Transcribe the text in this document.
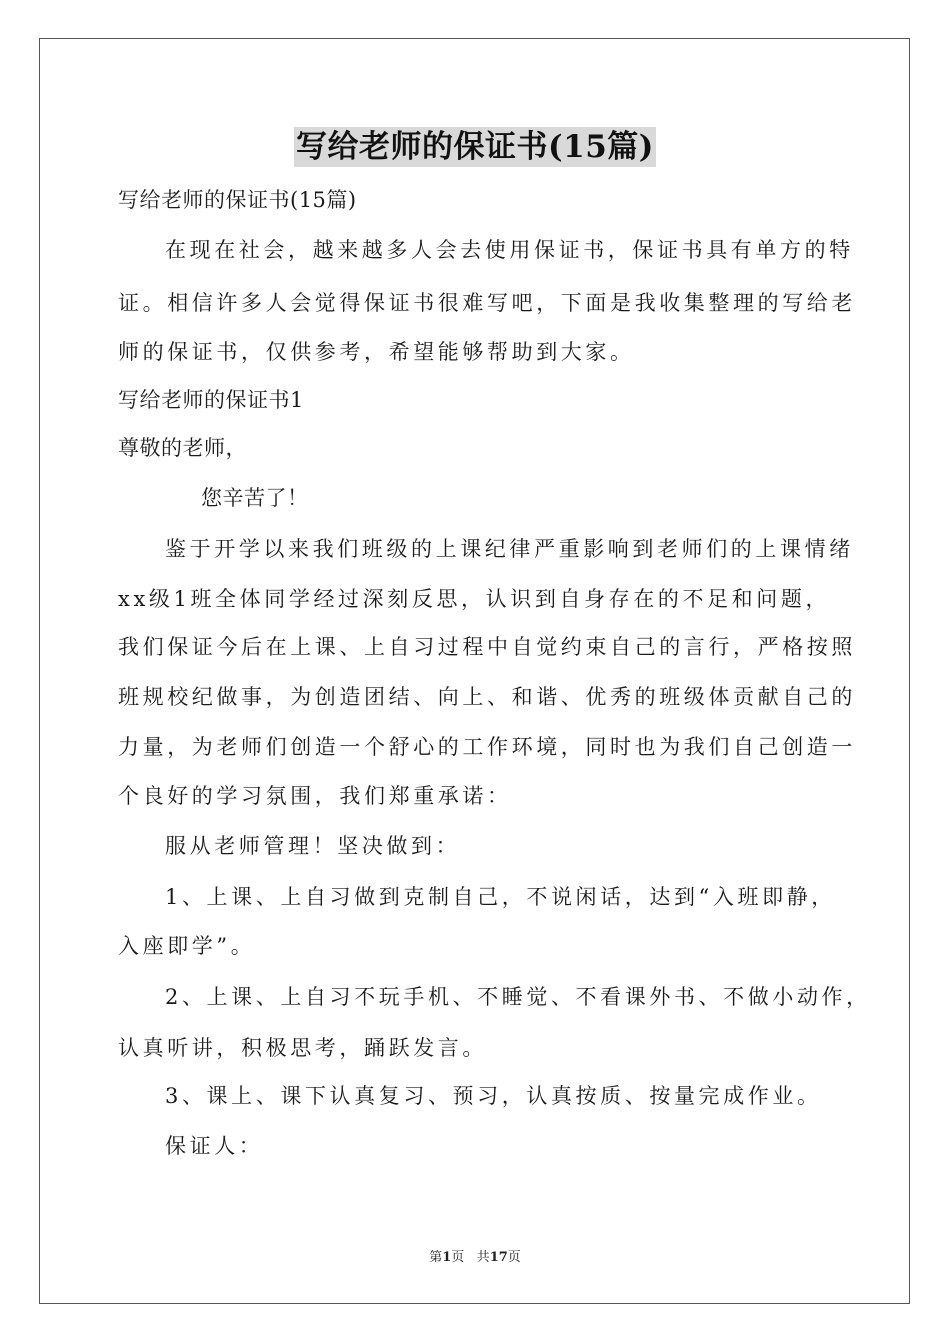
写给老师的保证书(15篇)
写给老师的保证书(15篇)
在现在社会，越来越多人会去使用保证书，保证书具有单方的特
证。相信许多人会觉得保证书很难写吧，下面是我收集整理的写给老
师的保证书，仅供参考，希望能够帮助到大家。
写给老师的保证书1
尊敬的老师，
您辛苦了！
鉴于开学以来我们班级的上课纪律严重影响到老师们的上课情绪
xx级1班全体同学经过深刻反思，认识到自身存在的不足和问题，
我们保证今后在上课、上自习过程中自觉约束自己的言行，严格按照
班规校纪做事，为创造团结、向上、和谐、优秀的班级体贡献自己的
力量，为老师们创造一个舒心的工作环境，同时也为我们自己创造一
个良好的学习氛围，我们郑重承诺：
服从老师管理！坚决做到：
1、上课、上自习做到克制自己，不说闲话，达到“入班即静，
入座即学”。
2、上课、上自习不玩手机、不睡觉、不看课外书、不做小动作，
认真听讲，积极思考，踊跃发言。
3、课上、课下认真复习、预习，认真按质、按量完成作业。
保证人：
第1页 共17页
